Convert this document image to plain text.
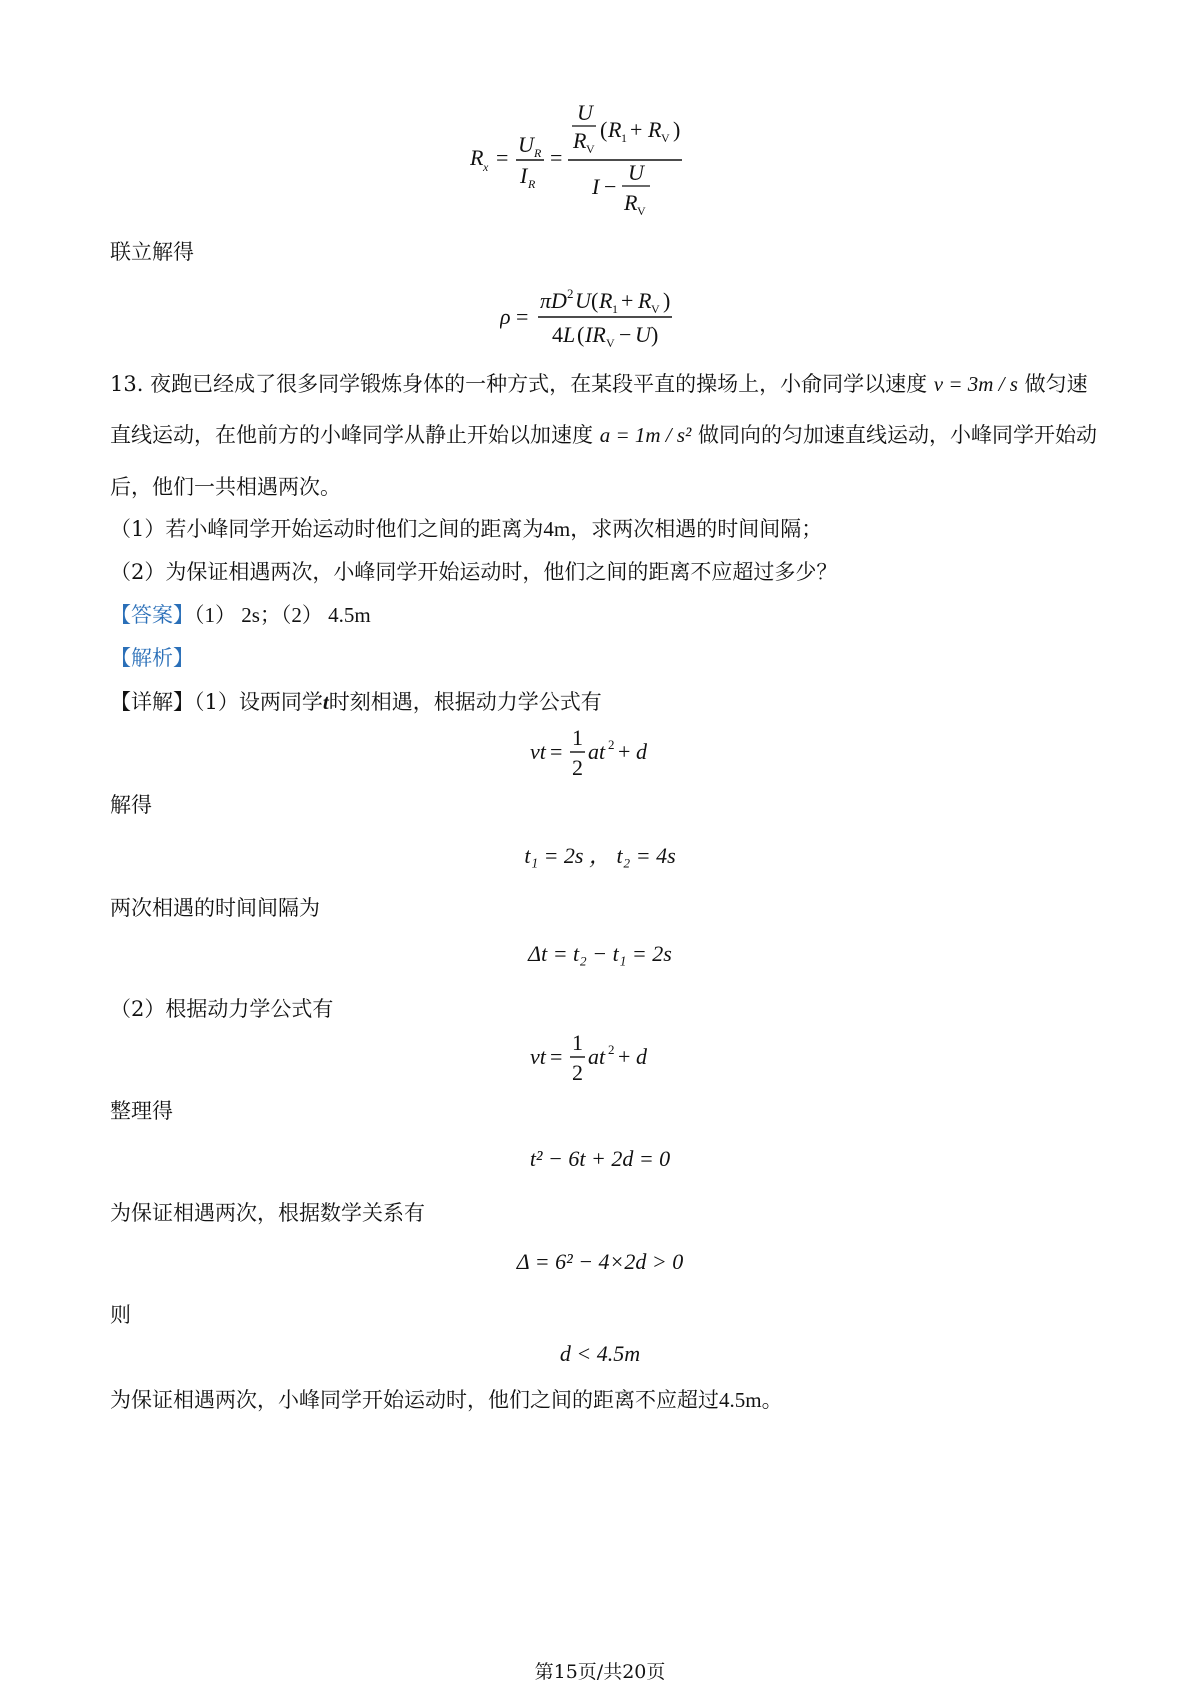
R x =
U R
I R
=
U
R V
( R 1 + R V )
I −
U
R V
联立解得
ρ =
πD 2 U ( R 1 + R V )
4 L ( IR V − U )
13. 夜跑已经成了很多同学锻炼身体的一种方式，在某段平直的操场上，小俞同学以速度 v = 3m / s 做匀速
直线运动，在他前方的小峰同学从静止开始以加速度 a = 1m / s² 做同向的匀加速直线运动，小峰同学开始动
后，他们一共相遇两次。
（1）若小峰同学开始运动时他们之间的距离为4m，求两次相遇的时间间隔；
（2）为保证相遇两次，小峰同学开始运动时，他们之间的距离不应超过多少？
【答案】（1） 2s；（2） 4.5m
【解析】
【详解】（1）设两同学t时刻相遇，根据动力学公式有
vt =
1
2
at 2 + d
解得
t₁ = 2s ， t₂ = 4s
两次相遇的时间间隔为
Δt = t₂ − t₁ = 2s
（2）根据动力学公式有
vt =
1
2
at 2 + d
整理得
t² − 6t + 2d = 0
为保证相遇两次，根据数学关系有
Δ = 6² − 4×2d > 0
则
d < 4.5m
为保证相遇两次，小峰同学开始运动时，他们之间的距离不应超过4.5m。
第15页/共20页
